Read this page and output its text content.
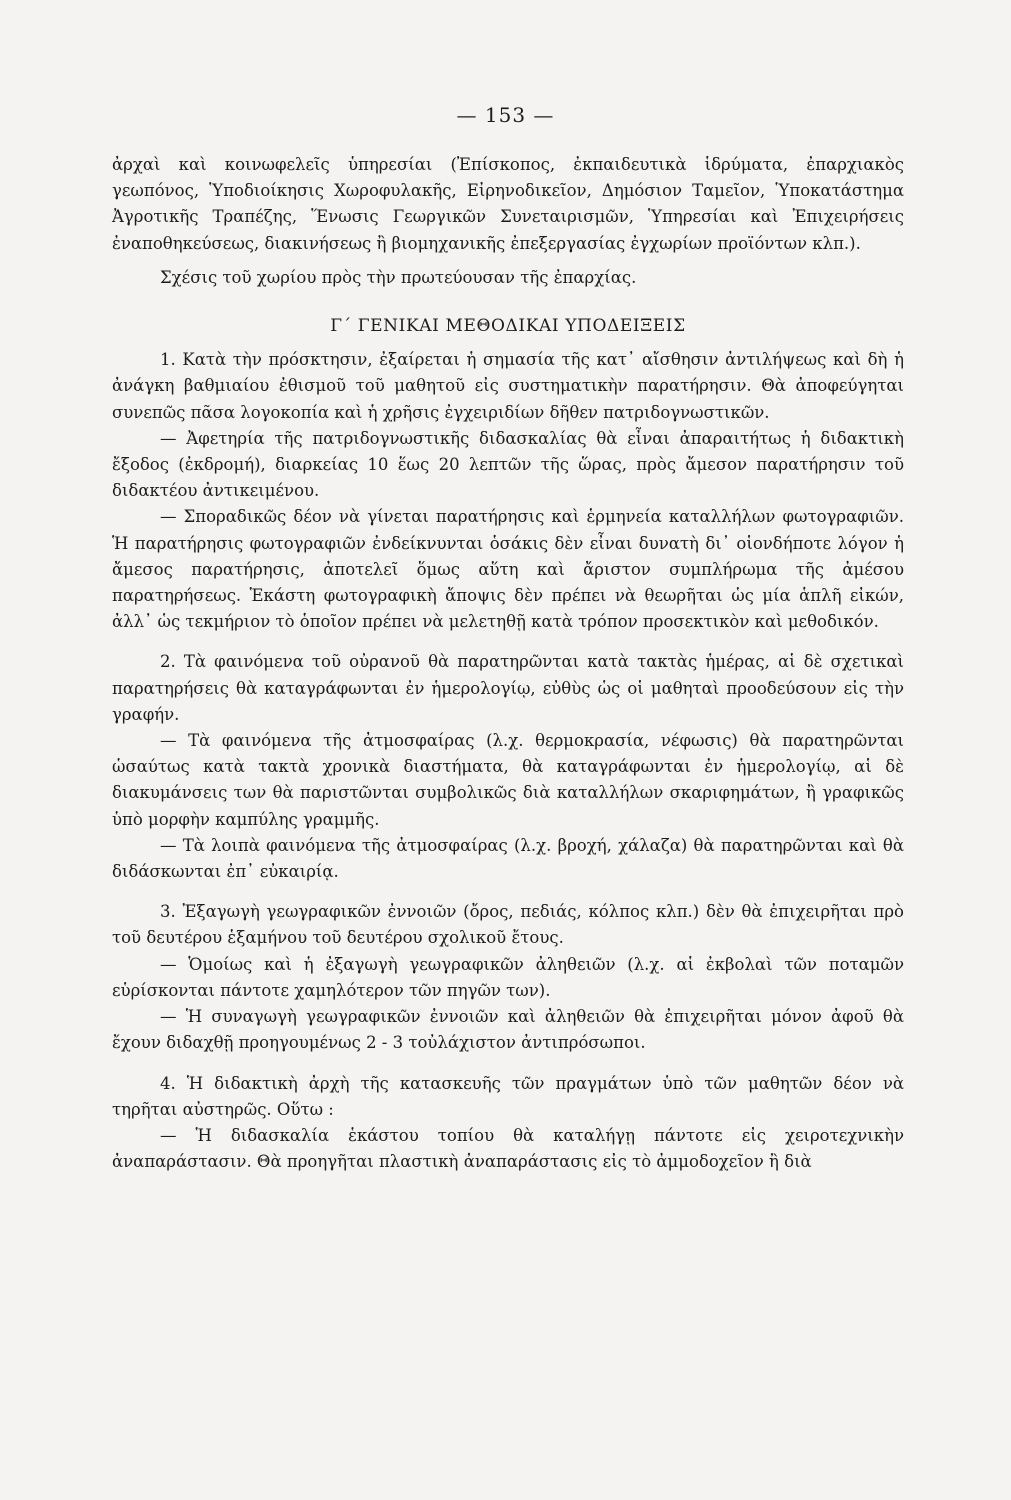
— 153 —

ἀρχαὶ καὶ κοινωφελεῖς ὑπηρεσίαι (Ἐπίσκοπος, ἐκπαιδευτικὰ ἱδρύματα, ἐπαρχιακὸς γεωπόνος, Ὑποδιοίκησις Χωροφυλακῆς, Εἰρηνοδικεῖον, Δημόσιον Ταμεῖον, Ὑποκατάστημα Ἀγροτικῆς Τραπέζης, Ἕνωσις Γεωργικῶν Συνεταιρισμῶν, Ὑπηρεσίαι καὶ Ἐπιχειρήσεις ἐναποθηκεύσεως, διακινήσεως ἢ βιομηχανικῆς ἐπεξεργασίας ἐγχωρίων προϊόντων κλπ.).

Σχέσις τοῦ χωρίου πρὸς τὴν πρωτεύουσαν τῆς ἐπαρχίας.

Γ΄ ΓΕΝΙΚΑΙ ΜΕΘΟΔΙΚΑΙ ΥΠΟΔΕΙΞΕΙΣ

1. Κατὰ τὴν πρόσκτησιν, ἐξαίρεται ἡ σημασία τῆς κατ᾽ αἴσθησιν ἀντιλήψεως καὶ δὴ ἡ ἀνάγκη βαθμιαίου ἐθισμοῦ τοῦ μαθητοῦ εἰς συστηματικὴν παρατήρησιν. Θὰ ἀποφεύγηται συνεπῶς πᾶσα λογοκοπία καὶ ἡ χρῆσις ἐγχειριδίων δῆθεν πατριδογνωστικῶν.

— Ἀφετηρία τῆς πατριδογνωστικῆς διδασκαλίας θὰ εἶναι ἀπαραιτήτως ἡ διδακτικὴ ἔξοδος (ἐκδρομή), διαρκείας 10 ἕως 20 λεπτῶν τῆς ὥρας, πρὸς ἄμεσον παρατήρησιν τοῦ διδακτέου ἀντικειμένου.

— Σποραδικῶς δέον νὰ γίνεται παρατήρησις καὶ ἑρμηνεία καταλλήλων φωτογραφιῶν. Ἡ παρατήρησις φωτογραφιῶν ἐνδείκνυνται ὁσάκις δὲν εἶναι δυνατὴ δι᾽ οἱονδήποτε λόγον ἡ ἄμεσος παρατήρησις, ἀποτελεῖ ὅμως αὕτη καὶ ἄριστον συμπλήρωμα τῆς ἀμέσου παρατηρήσεως. Ἑκάστη φωτογραφικὴ ἄποψις δὲν πρέπει νὰ θεωρῆται ὡς μία ἁπλῆ εἰκών, ἀλλ᾽ ὡς τεκμήριον τὸ ὁποῖον πρέπει νὰ μελετηθῇ κατὰ τρόπον προσεκτικὸν καὶ μεθοδικόν.

2. Τὰ φαινόμενα τοῦ οὐρανοῦ θὰ παρατηρῶνται κατὰ τακτὰς ἡμέρας, αἱ δὲ σχετικαὶ παρατηρήσεις θὰ καταγράφωνται ἐν ἡμερολογίῳ, εὐθὺς ὡς οἱ μαθηταὶ προοδεύσουν εἰς τὴν γραφήν.

— Τὰ φαινόμενα τῆς ἀτμοσφαίρας (λ.χ. θερμοκρασία, νέφωσις) θὰ παρατηρῶνται ὡσαύτως κατὰ τακτὰ χρονικὰ διαστήματα, θὰ καταγράφωνται ἐν ἡμερολογίῳ, αἱ δὲ διακυμάνσεις των θὰ παριστῶνται συμβολικῶς διὰ καταλλήλων σκαριφημάτων, ἢ γραφικῶς ὑπὸ μορφὴν καμπύλης γραμμῆς.

— Τὰ λοιπὰ φαινόμενα τῆς ἀτμοσφαίρας (λ.χ. βροχή, χάλαζα) θὰ παρατηρῶνται καὶ θὰ διδάσκωνται ἐπ᾽ εὐκαιρίᾳ.

3. Ἐξαγωγὴ γεωγραφικῶν ἐννοιῶν (ὄρος, πεδιάς, κόλπος κλπ.) δὲν θὰ ἐπιχειρῆται πρὸ τοῦ δευτέρου ἑξαμήνου τοῦ δευτέρου σχολικοῦ ἔτους.

— Ὁμοίως καὶ ἡ ἐξαγωγὴ γεωγραφικῶν ἀληθειῶν (λ.χ. αἱ ἐκβολαὶ τῶν ποταμῶν εὑρίσκονται πάντοτε χαμηλότερον τῶν πηγῶν των).

— Ἡ συναγωγὴ γεωγραφικῶν ἐννοιῶν καὶ ἀληθειῶν θὰ ἐπιχειρῆται μόνον ἀφοῦ θὰ ἔχουν διδαχθῇ προηγουμένως 2 - 3 τοὐλάχιστον ἀντιπρόσωποι.

4. Ἡ διδακτικὴ ἀρχὴ τῆς κατασκευῆς τῶν πραγμάτων ὑπὸ τῶν μαθητῶν δέον νὰ τηρῆται αὐστηρῶς. Οὕτω :

— Ἡ διδασκαλία ἑκάστου τοπίου θὰ καταλήγῃ πάντοτε εἰς χειροτεχνικὴν ἀναπαράστασιν. Θὰ προηγῆται πλαστικὴ ἀναπαράστασις εἰς τὸ ἀμμοδοχεῖον ἢ διὰ
